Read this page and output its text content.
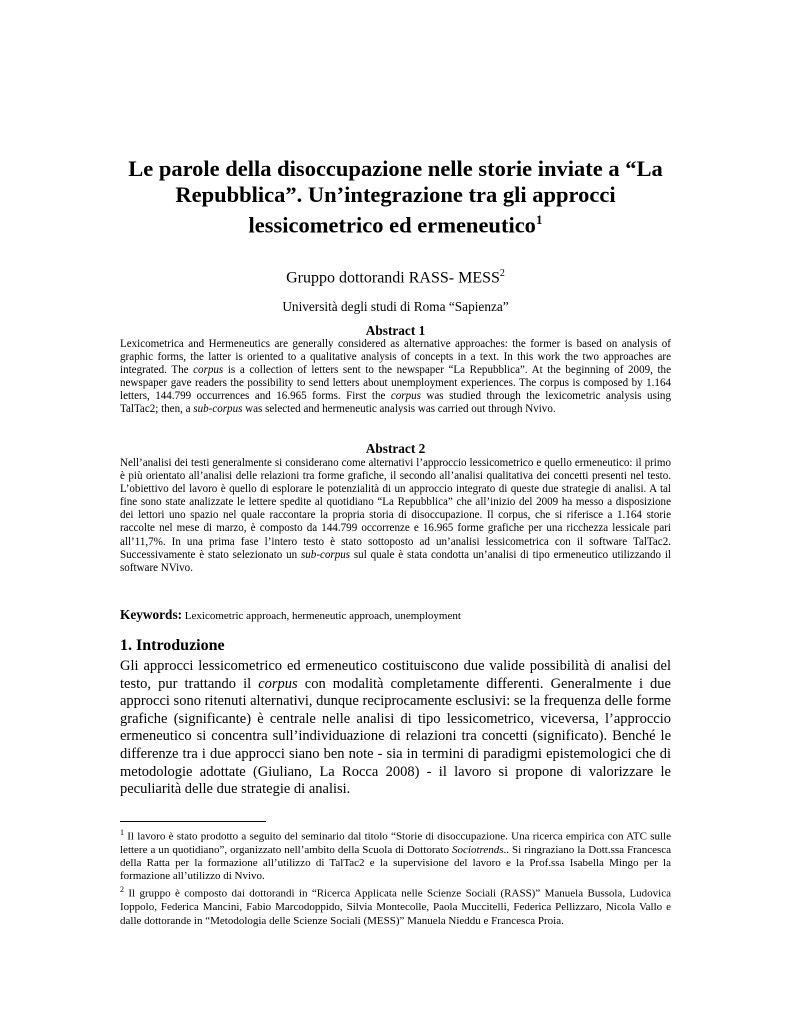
Le parole della disoccupazione nelle storie inviate a “La
Repubblica”. Un’integrazione tra gli approcci
lessicometrico ed ermeneutico$^1$
Gruppo dottorandi RASS- MESS$^2$
Università degli studi di Roma “Sapienza”
Abstract 1
Lexicometrica and Hermeneutics are generally considered as alternative approaches: the former is based on analysis of graphic forms, the latter is oriented to a qualitative analysis of concepts in a text. In this work the two approaches are integrated. The corpus is a collection of letters sent to the newspaper “La Repubblica”. At the beginning of 2009, the newspaper gave readers the possibility to send letters about unemployment experiences. The corpus is composed by 1.164 letters, 144.799 occurrences and 16.965 forms. First the corpus was studied through the lexicometric analysis using TalTac2; then, a sub-corpus was selected and hermeneutic analysis was carried out through Nvivo.
Abstract 2
Nell’analisi dei testi generalmente si considerano come alternativi l’approccio lessicometrico e quello ermeneutico: il primo è più orientato all’analisi delle relazioni tra forme grafiche, il secondo all’analisi qualitativa dei concetti presenti nel testo. L’obiettivo del lavoro è quello di esplorare le potenzialità di un approccio integrato di queste due strategie di analisi. A tal fine sono state analizzate le lettere spedite al quotidiano “La Repubblica” che all’inizio del 2009 ha messo a disposizione dei lettori uno spazio nel quale raccontare la propria storia di disoccupazione. Il corpus, che si riferisce a 1.164 storie raccolte nel mese di marzo, è composto da 144.799 occorrenze e 16.965 forme grafiche per una ricchezza lessicale pari all’11,7%. In una prima fase l’intero testo è stato sottoposto ad un’analisi lessicometrica con il software TalTac2. Successivamente è stato selezionato un sub-corpus sul quale è stata condotta un’analisi di tipo ermeneutico utilizzando il software NVivo.
Keywords: Lexicometric approach, hermeneutic approach, unemployment
1. Introduzione
Gli approcci lessicometrico ed ermeneutico costituiscono due valide possibilità di analisi del testo, pur trattando il corpus con modalità completamente differenti. Generalmente i due approcci sono ritenuti alternativi, dunque reciprocamente esclusivi: se la frequenza delle forme grafiche (significante) è centrale nelle analisi di tipo lessicometrico, viceversa, l’approccio ermeneutico si concentra sull’individuazione di relazioni tra concetti (significato). Benché le differenze tra i due approcci siano ben note - sia in termini di paradigmi epistemologici che di metodologie adottate (Giuliano, La Rocca 2008) - il lavoro si propone di valorizzare le peculiarità delle due strategie di analisi.

$^1$ Il lavoro è stato prodotto a seguito del seminario dal titolo “Storie di disoccupazione. Una ricerca empirica con ATC sulle lettere a un quotidiano”, organizzato nell’ambito della Scuola di Dottorato Sociotrends.. Si ringraziano la Dott.ssa Francesca della Ratta per la formazione all’utilizzo di TalTac2 e la supervisione del lavoro e la Prof.ssa Isabella Mingo per la formazione all’utilizzo di Nvivo.

$^2$ Il gruppo è composto dai dottorandi in “Ricerca Applicata nelle Scienze Sociali (RASS)” Manuela Bussola, Ludovica Ioppolo, Federica Mancini, Fabio Marcodoppido, Silvia Montecolle, Paola Muccitelli, Federica Pellizzaro, Nicola Vallo e dalle dottorande in “Metodologia delle Scienze Sociali (MESS)” Manuela Nieddu e Francesca Proia.
